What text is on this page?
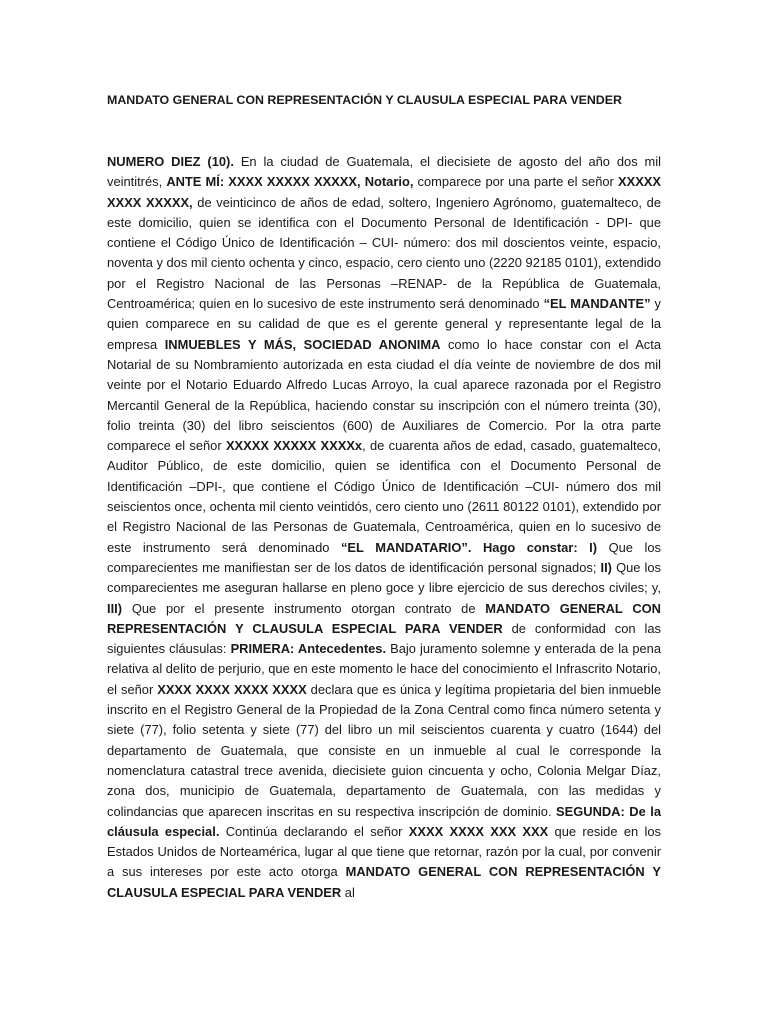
MANDATO GENERAL CON REPRESENTACIÓN Y CLAUSULA ESPECIAL PARA VENDER

NUMERO DIEZ (10). En la ciudad de Guatemala, el diecisiete de agosto del año dos mil veintitrés, ANTE MÍ: XXXX XXXXX XXXXX, Notario, comparece por una parte el señor XXXXX XXXX XXXXX, de veinticinco de años de edad, soltero, Ingeniero Agrónomo, guatemalteco, de este domicilio, quien se identifica con el Documento Personal de Identificación - DPI- que contiene el Código Único de Identificación – CUI- número: dos mil doscientos veinte, espacio, noventa y dos mil ciento ochenta y cinco, espacio, cero ciento uno (2220 92185 0101), extendido por el Registro Nacional de las Personas –RENAP- de la República de Guatemala, Centroamérica; quien en lo sucesivo de este instrumento será denominado “EL MANDANTE” y quien comparece en su calidad de que es el gerente general y representante legal de la empresa INMUEBLES Y MÁS, SOCIEDAD ANONIMA como lo hace constar con el Acta Notarial de su Nombramiento autorizada en esta ciudad el día veinte de noviembre de dos mil veinte por el Notario Eduardo Alfredo Lucas Arroyo, la cual aparece razonada por el Registro Mercantil General de la República, haciendo constar su inscripción con el número treinta (30), folio treinta (30) del libro seiscientos (600) de Auxiliares de Comercio. Por la otra parte comparece el señor XXXXX XXXXX XXXXx, de cuarenta años de edad, casado, guatemalteco, Auditor Público, de este domicilio, quien se identifica con el Documento Personal de Identificación –DPI-, que contiene el Código Único de Identificación –CUI- número dos mil seiscientos once, ochenta mil ciento veintidós, cero ciento uno (2611 80122 0101), extendido por el Registro Nacional de las Personas de Guatemala, Centroamérica, quien en lo sucesivo de este instrumento será denominado “EL MANDATARIO”. Hago constar: I) Que los comparecientes me manifiestan ser de los datos de identificación personal signados; II) Que los comparecientes me aseguran hallarse en pleno goce y libre ejercicio de sus derechos civiles; y, III) Que por el presente instrumento otorgan contrato de MANDATO GENERAL CON REPRESENTACIÓN Y CLAUSULA ESPECIAL PARA VENDER de conformidad con las siguientes cláusulas: PRIMERA: Antecedentes. Bajo juramento solemne y enterada de la pena relativa al delito de perjurio, que en este momento le hace del conocimiento el Infrascrito Notario, el señor XXXX XXXX XXXX XXXX declara que es única y legítima propietaria del bien inmueble inscrito en el Registro General de la Propiedad de la Zona Central como finca número setenta y siete (77), folio setenta y siete (77) del libro un mil seiscientos cuarenta y cuatro (1644) del departamento de Guatemala, que consiste en un inmueble al cual le corresponde la nomenclatura catastral trece avenida, diecisiete guion cincuenta y ocho, Colonia Melgar Díaz, zona dos, municipio de Guatemala, departamento de Guatemala, con las medidas y colindancias que aparecen inscritas en su respectiva inscripción de dominio. SEGUNDA: De la cláusula especial. Continúa declarando el señor XXXX XXXX XXX XXX que reside en los Estados Unidos de Norteamérica, lugar al que tiene que retornar, razón por la cual, por convenir a sus intereses por este acto otorga MANDATO GENERAL CON REPRESENTACIÓN Y CLAUSULA ESPECIAL PARA VENDER al
